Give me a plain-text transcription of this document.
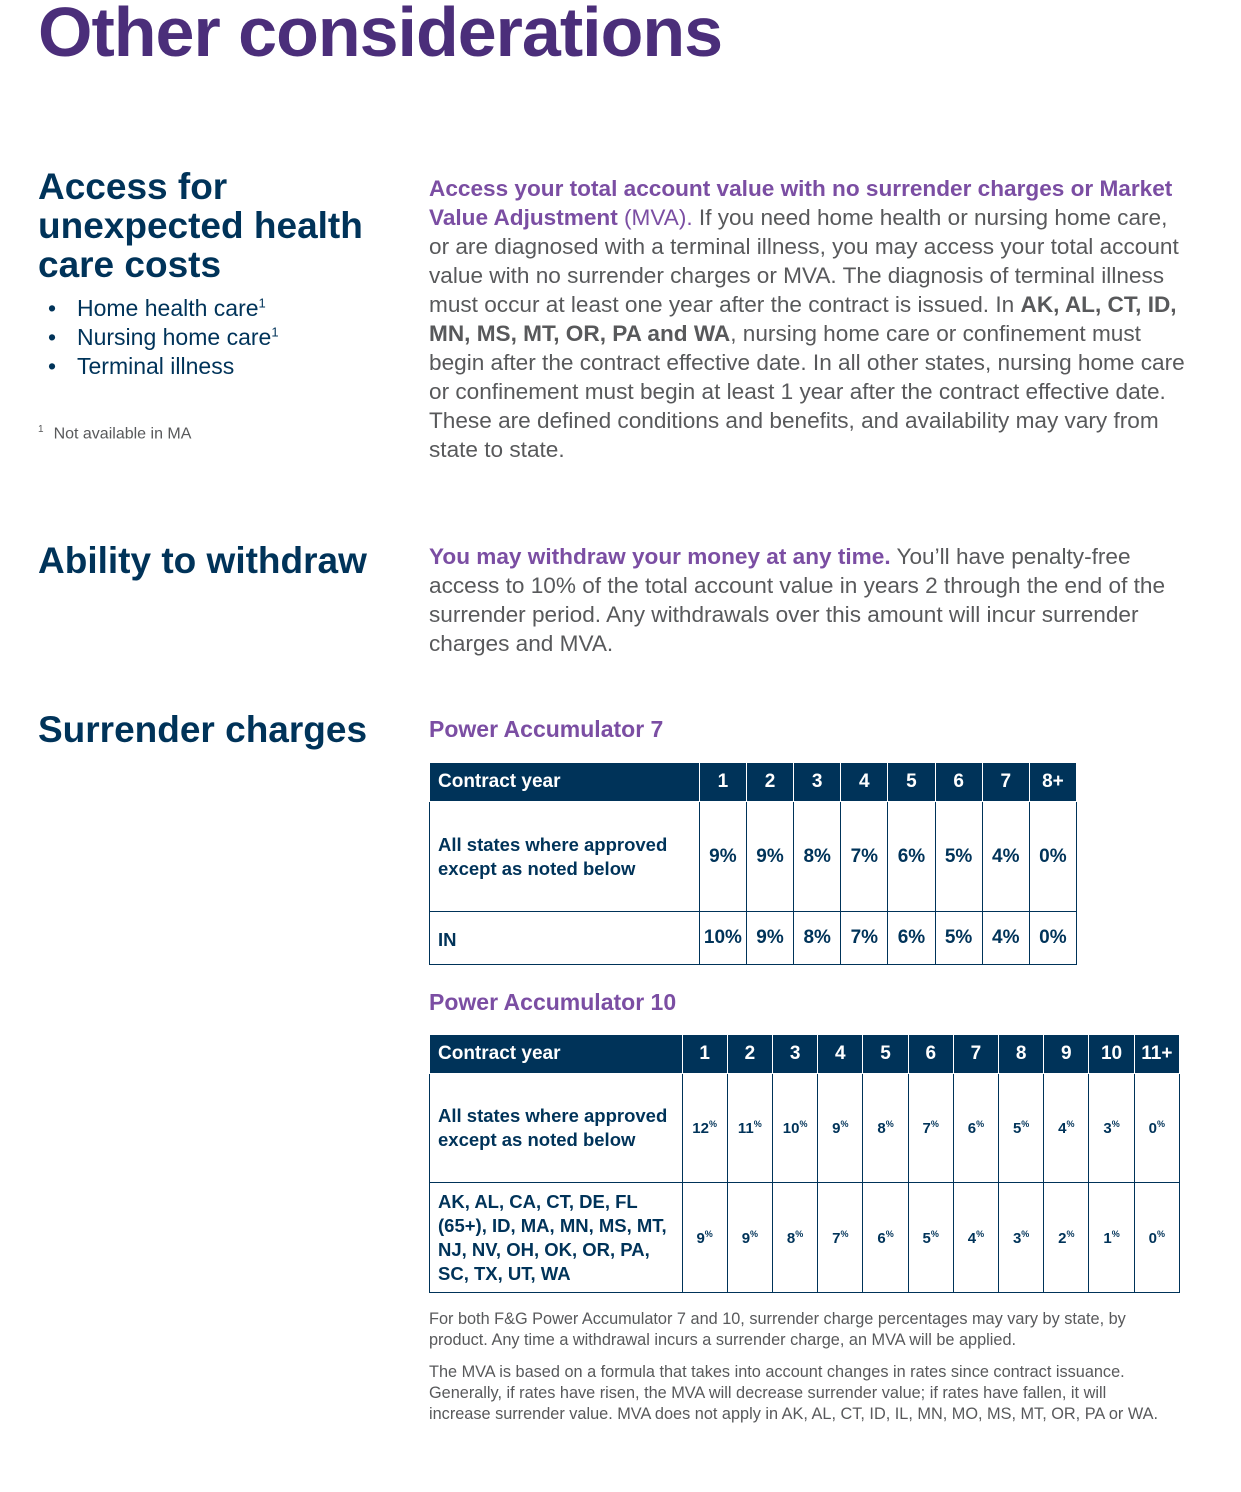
Other considerations
Access for unexpected health care costs
• Home health care$^1$
• Nursing home care$^1$
• Terminal illness
$^1$ Not available in MA

Access your total account value with no surrender charges or Market Value Adjustment (MVA). If you need home health or nursing home care, or are diagnosed with a terminal illness, you may access your total account value with no surrender charges or MVA. The diagnosis of terminal illness must occur at least one year after the contract is issued. In AK, AL, CT, ID, MN, MS, MT, OR, PA and WA, nursing home care or confinement must begin after the contract effective date. In all other states, nursing home care or confinement must begin at least 1 year after the contract effective date. These are defined conditions and benefits, and availability may vary from state to state.

Ability to withdraw	You may withdraw your money at any time. You’ll have penalty-free access to 10% of the total account value in years 2 through the end of the surrender period. Any withdrawals over this amount will incur surrender charges and MVA.

Surrender charges	Power Accumulator 7
Contract year	1	2	3	4	5	6	7	8+
All states where approved except as noted below	9%	9%	8%	7%	6%	5%	4%	0%
IN	10%	9%	8%	7%	6%	5%	4%	0%
Power Accumulator 10
Contract year	1	2	3	4	5	6	7	8	9	10	11+
All states where approved except as noted below	12%	11%	10%	9%	8%	7%	6%	5%	4%	3%	0%
AK, AL, CA, CT, DE, FL (65+), ID, MA, MN, MS, MT, NJ, NV, OH, OK, OR, PA, SC, TX, UT, WA	9%	9%	8%	7%	6%	5%	4%	3%	2%	1%	0%

For both F&G Power Accumulator 7 and 10, surrender charge percentages may vary by state, by product. Any time a withdrawal incurs a surrender charge, an MVA will be applied.

The MVA is based on a formula that takes into account changes in rates since contract issuance. Generally, if rates have risen, the MVA will decrease surrender value; if rates have fallen, it will increase surrender value. MVA does not apply in AK, AL, CT, ID, IL, MN, MO, MS, MT, OR, PA or WA.
